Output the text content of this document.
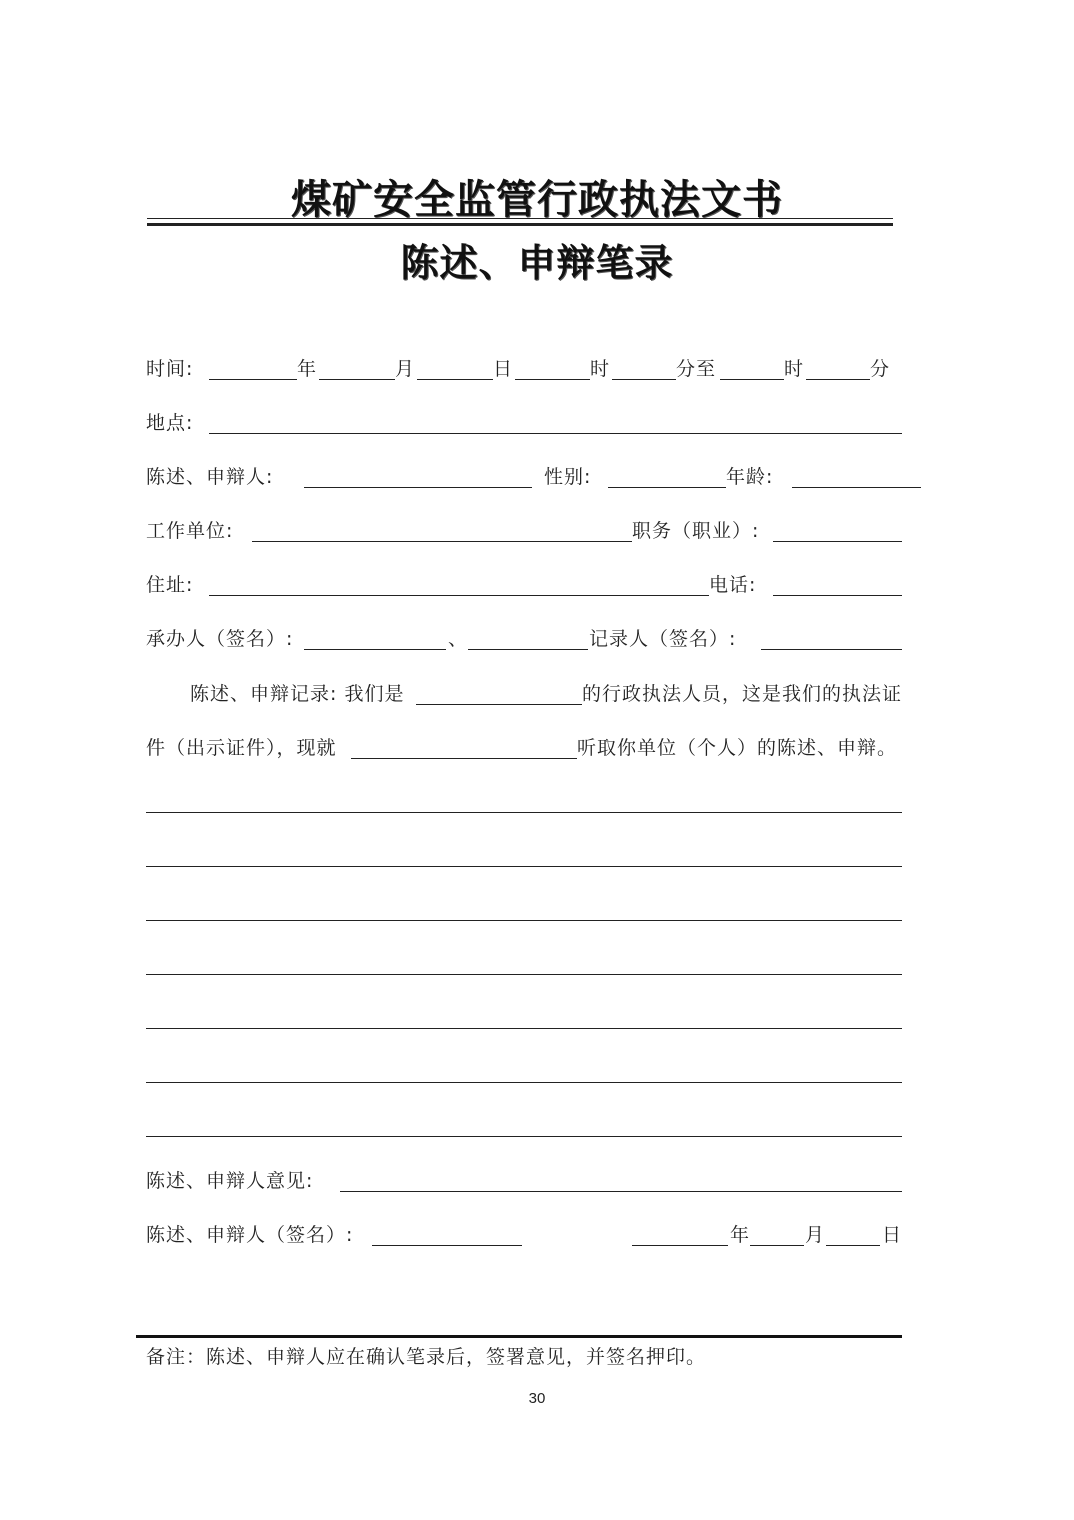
煤矿安全监管行政执法文书
陈述、申辩笔录
时间:	年	月	日	时	分至	时	分
地点:
陈述、申辩人:	性别:	年龄:
工作单位:	职务（职业）:
住址:	电话:
承办人（签名）:	、	记录人（签名）:
陈述、申辩记录: 我们是	的行政执法人员，这是我们的执法证
件（出示证件），现就	听取你单位（个人）的陈述、申辩。
陈述、申辩人意见:
陈述、申辩人（签名）:	年	月	日
备注：陈述、申辩人应在确认笔录后，签署意见，并签名押印。
30
